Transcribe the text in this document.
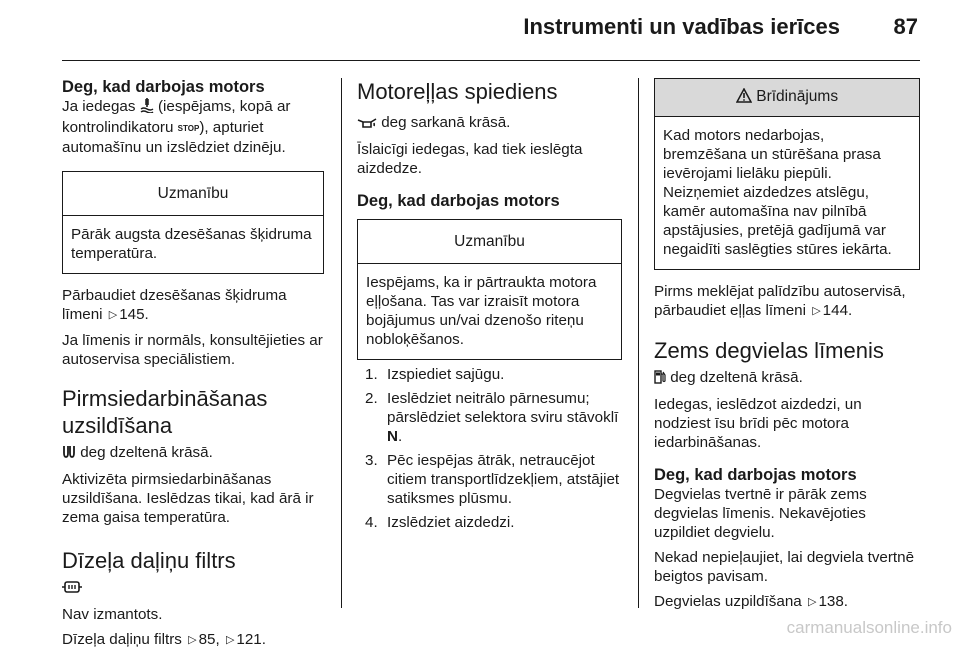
Instrumenti un vadības ierīces 87

Deg, kad darbojas motors

Ja iedegas (iespējams, kopā ar kontrolindikatoru STOP), apturiet automašīnu un izslēdziet dzinēju.

Uzmanību

Pārāk augsta dzesēšanas šķidruma temperatūra.

Pārbaudiet dzesēšanas šķidruma līmeni ▷ 145.

Ja līmenis ir normāls, konsultējieties ar autoservisa speciālistiem.

Pirmsiedarbināšanas uzsildīšana

deg dzeltenā krāsā.

Aktivizēta pirmsiedarbināšanas uzsildīšana. Ieslēdzas tikai, kad ārā ir zema gaisa temperatūra.

Dīzeļa daļiņu filtrs

Nav izmantots.

Dīzeļa daļiņu filtrs ▷ 85, ▷ 121.

Motoreļļas spiediens

deg sarkanā krāsā.

Īslaicīgi iedegas, kad tiek ieslēgta aizdedze.

Deg, kad darbojas motors

Uzmanību

Iespējams, ka ir pārtraukta motora eļļošana. Tas var izraisīt motora bojājumus un/vai dzenošo riteņu nobloķēšanos.

1. Izspiediet sajūgu.
2. Ieslēdziet neitrālo pārnesumu; pārslēdziet selektora sviru stāvoklī N.
3. Pēc iespējas ātrāk, netraucējot citiem transportlīdzekļiem, atstājiet satiksmes plūsmu.
4. Izslēdziet aizdedzi.
Brīdinājums

Kad motors nedarbojas, bremzēšana un stūrēšana prasa ievērojami lielāku piepūli.

Neizņemiet aizdedzes atslēgu, kamēr automašīna nav pilnībā apstājusies, pretējā gadījumā var negaidīti saslēgties stūres iekārta.

Pirms meklējat palīdzību autoservisā, pārbaudiet eļļas līmeni ▷ 144.

Zems degvielas līmenis

deg dzeltenā krāsā.

Iedegas, ieslēdzot aizdedzi, un nodziest īsu brīdi pēc motora iedarbināšanas.

Deg, kad darbojas motors

Degvielas tvertnē ir pārāk zems degvielas līmenis. Nekavējoties uzpildiet degvielu.

Nekad nepieļaujiet, lai degviela tvertnē beigtos pavisam.

Degvielas uzpildīšana ▷ 138.

carmanualsonline.info
